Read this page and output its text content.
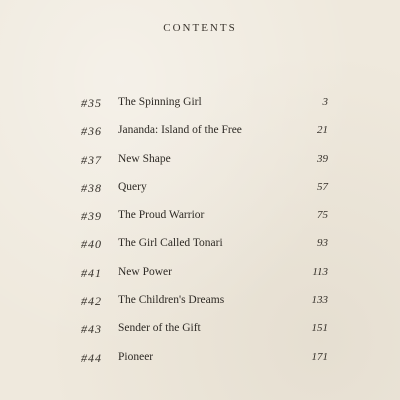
CONTENTS
#35 The Spinning Girl	3
#36 Jananda: Island of the Free	21
#37 New Shape	39
#38 Query	57
#39 The Proud Warrior	75
#40 The Girl Called Tonari	93
#41 New Power	113
#42 The Children's Dreams	133
#43 Sender of the Gift	151
#44 Pioneer	171
